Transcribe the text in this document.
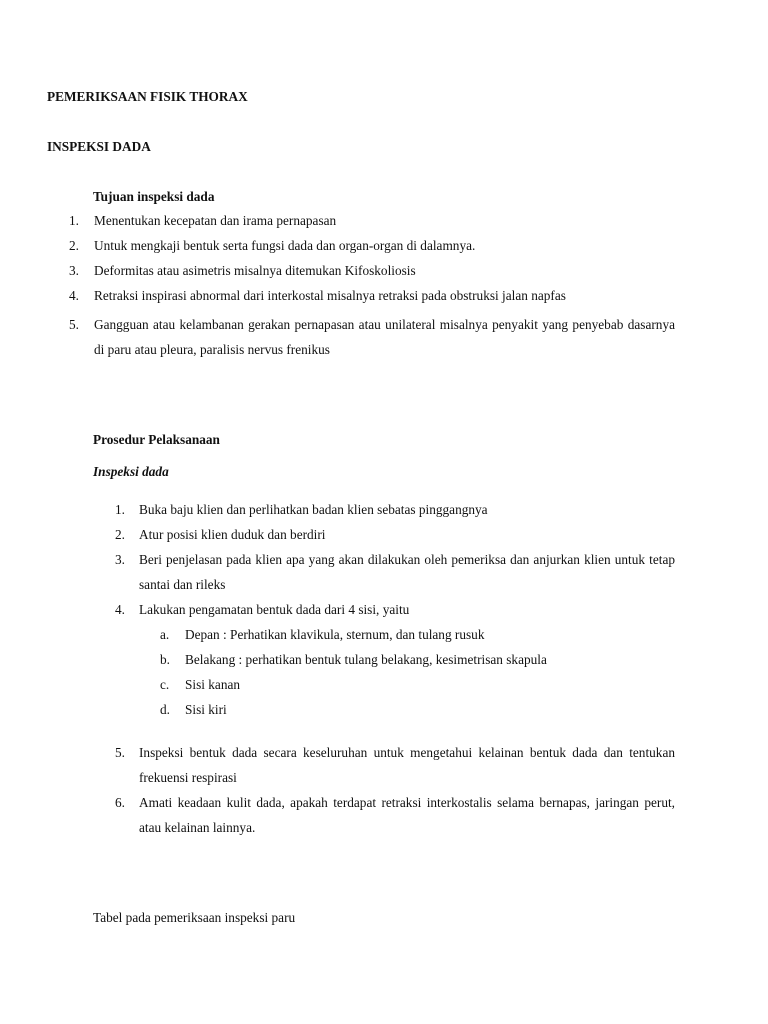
PEMERIKSAAN FISIK THORAX
INSPEKSI DADA
Tujuan inspeksi dada
1. Menentukan kecepatan dan irama pernapasan
2. Untuk mengkaji bentuk serta fungsi dada dan organ-organ di dalamnya.
3. Deformitas atau asimetris misalnya ditemukan Kifoskoliosis
4. Retraksi inspirasi abnormal dari interkostal misalnya retraksi pada obstruksi jalan napfas
5. Gangguan atau kelambanan gerakan pernapasan atau unilateral misalnya penyakit yang penyebab dasarnya di paru atau pleura, paralisis nervus frenikus
Prosedur Pelaksanaan
Inspeksi dada
1. Buka baju klien dan perlihatkan badan klien sebatas pinggangnya
2. Atur posisi klien duduk dan berdiri
3. Beri penjelasan pada klien apa yang akan dilakukan oleh pemeriksa dan anjurkan klien untuk tetap santai dan rileks
4. Lakukan pengamatan bentuk dada dari 4 sisi, yaitu
a. Depan : Perhatikan klavikula, sternum, dan tulang rusuk
b. Belakang : perhatikan bentuk tulang belakang, kesimetrisan skapula
c. Sisi kanan
d. Sisi kiri
5. Inspeksi bentuk dada secara keseluruhan untuk mengetahui kelainan bentuk dada dan tentukan frekuensi respirasi
6. Amati keadaan kulit dada, apakah terdapat retraksi interkostalis selama bernapas, jaringan perut, atau kelainan lainnya.
Tabel pada pemeriksaan inspeksi paru
